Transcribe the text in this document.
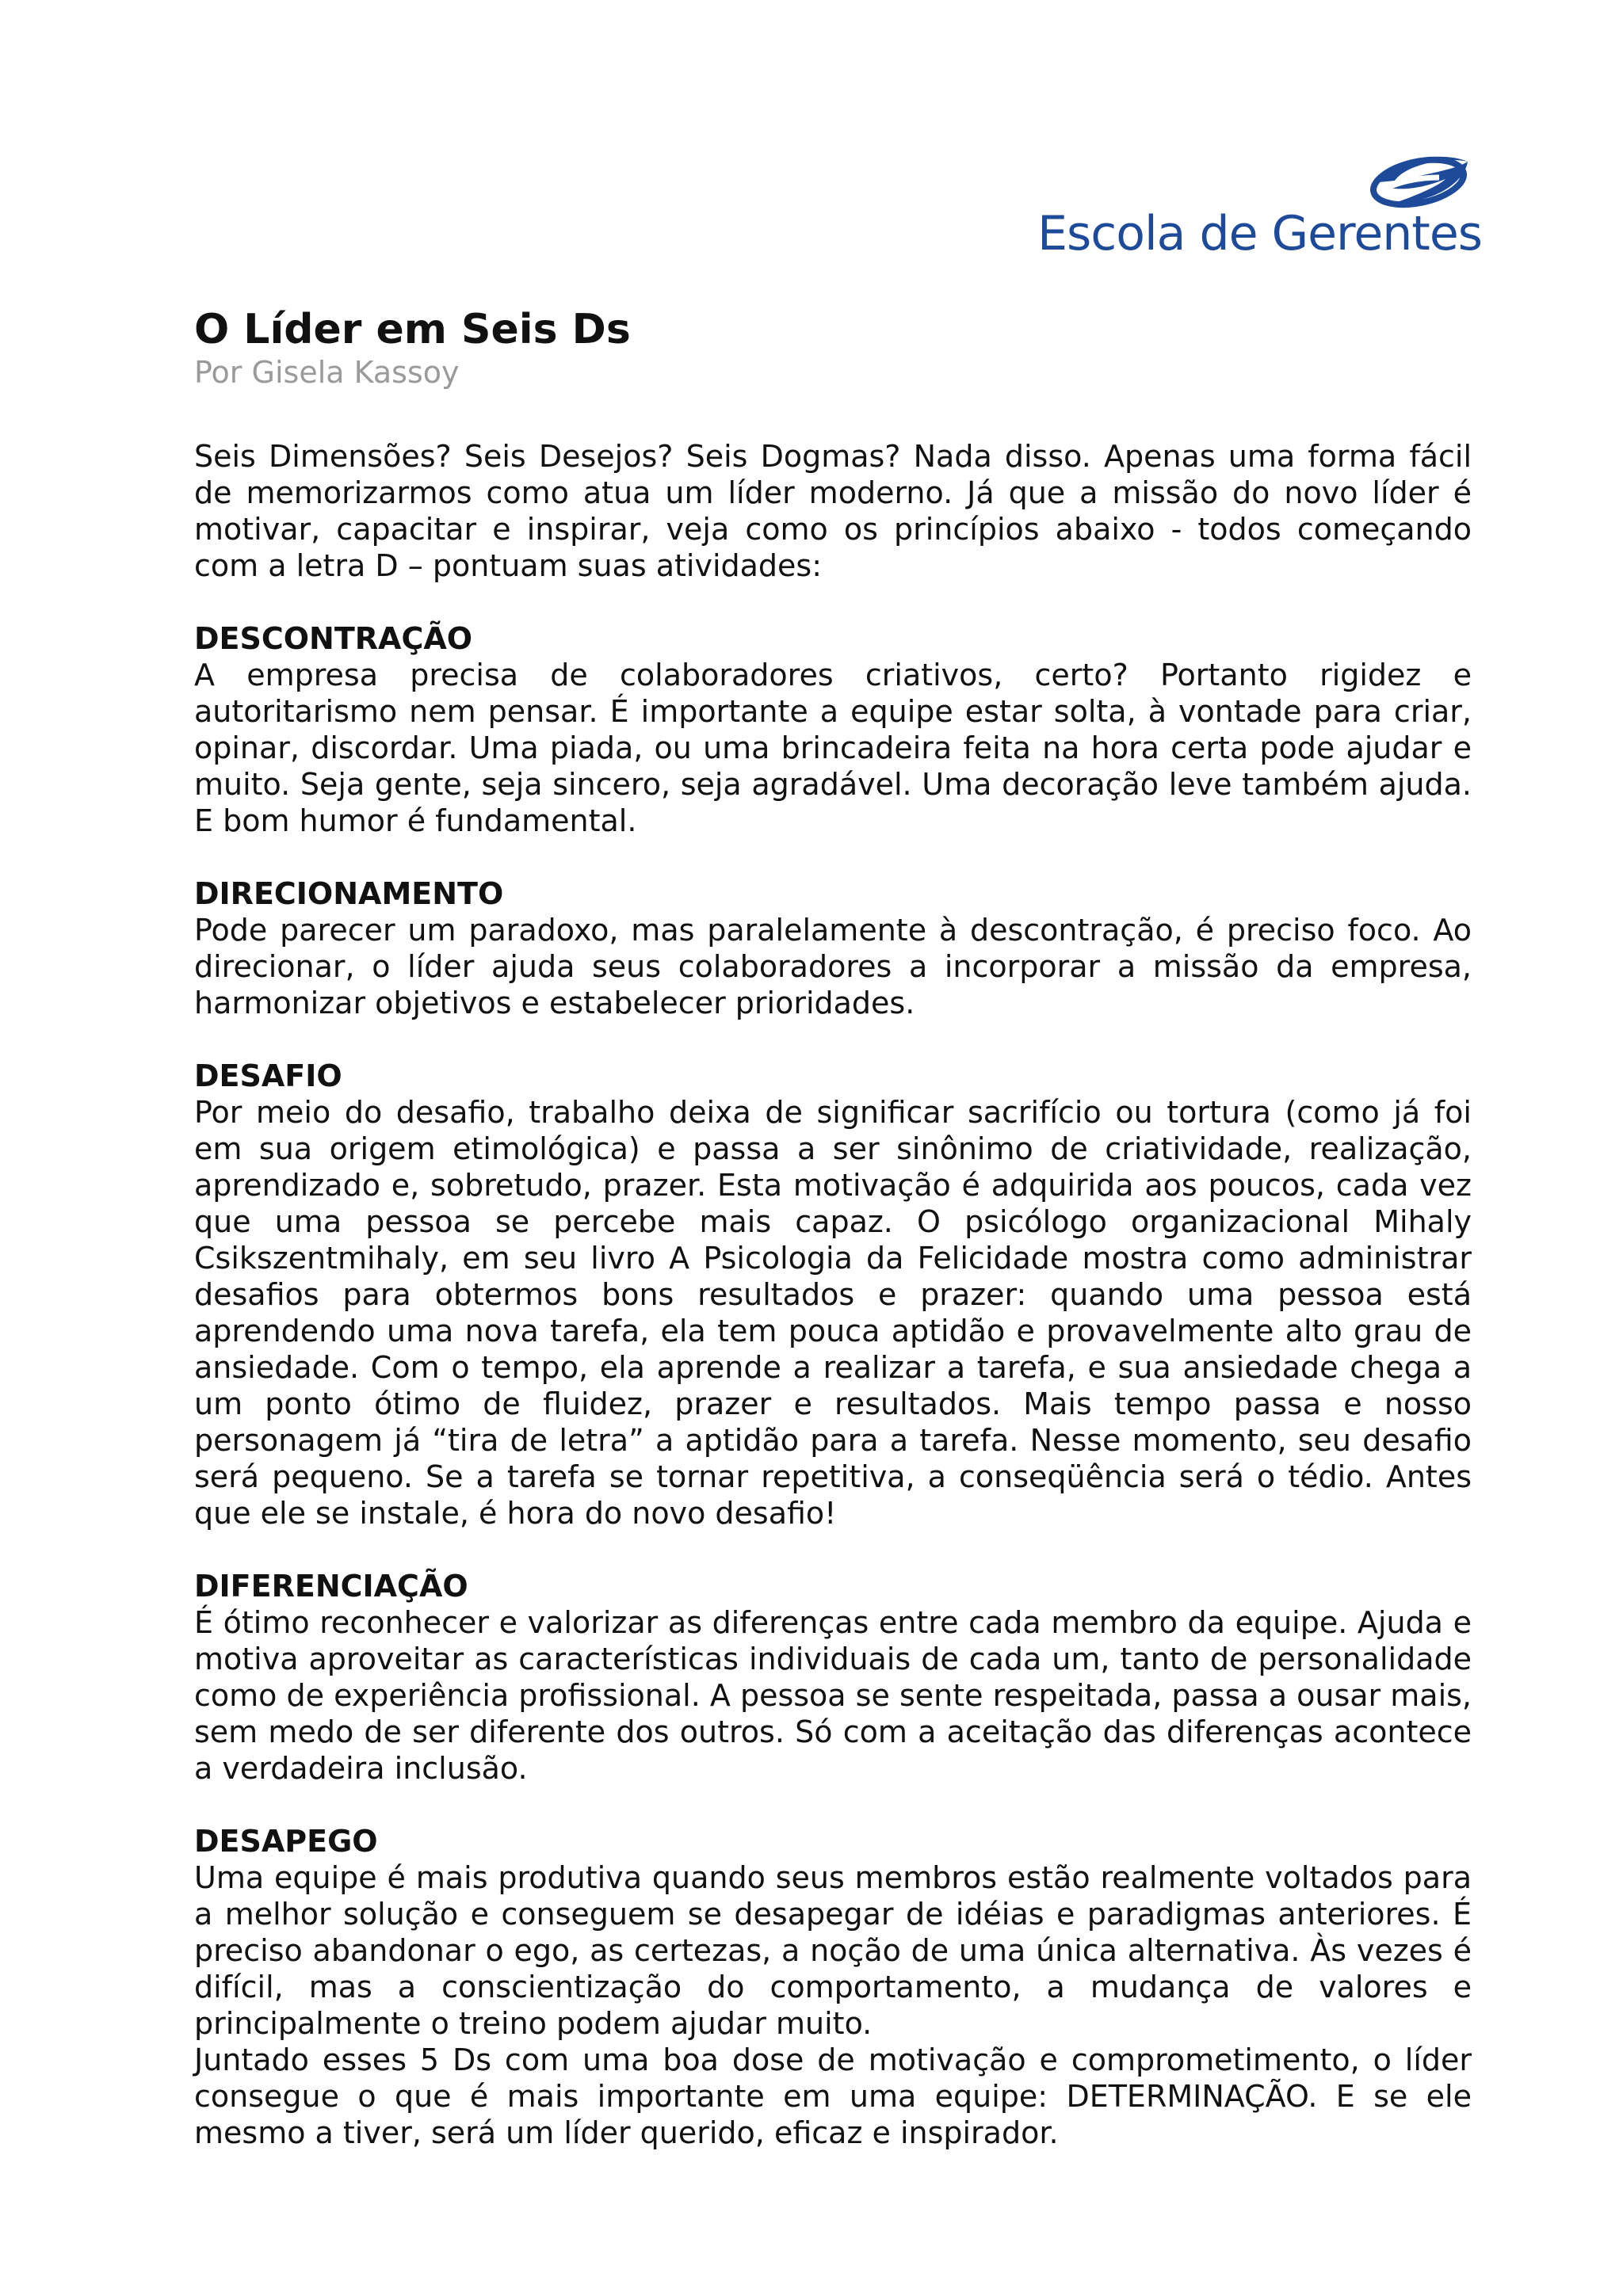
Escola de Gerentes
O Líder em Seis Ds
Por Gisela Kassoy

Seis Dimensões? Seis Desejos? Seis Dogmas? Nada disso. Apenas uma forma fácil de memorizarmos como atua um líder moderno. Já que a missão do novo líder é motivar, capacitar e inspirar, veja como os princípios abaixo - todos começando com a letra D – pontuam suas atividades:

DESCONTRAÇÃO

A empresa precisa de colaboradores criativos, certo? Portanto rigidez e autoritarismo nem pensar. É importante a equipe estar solta, à vontade para criar, opinar, discordar. Uma piada, ou uma brincadeira feita na hora certa pode ajudar e muito. Seja gente, seja sincero, seja agradável. Uma decoração leve também ajuda. E bom humor é fundamental.

DIRECIONAMENTO

Pode parecer um paradoxo, mas paralelamente à descontração, é preciso foco. Ao direcionar, o líder ajuda seus colaboradores a incorporar a missão da empresa, harmonizar objetivos e estabelecer prioridades.

DESAFIO

Por meio do desafio, trabalho deixa de significar sacrifício ou tortura (como já foi em sua origem etimológica) e passa a ser sinônimo de criatividade, realização, aprendizado e, sobretudo, prazer. Esta motivação é adquirida aos poucos, cada vez que uma pessoa se percebe mais capaz. O psicólogo organizacional Mihaly Csikszentmihaly, em seu livro A Psicologia da Felicidade mostra como administrar desafios para obtermos bons resultados e prazer: quando uma pessoa está aprendendo uma nova tarefa, ela tem pouca aptidão e provavelmente alto grau de ansiedade. Com o tempo, ela aprende a realizar a tarefa, e sua ansiedade chega a um ponto ótimo de fluidez, prazer e resultados. Mais tempo passa e nosso personagem já “tira de letra” a aptidão para a tarefa. Nesse momento, seu desafio será pequeno. Se a tarefa se tornar repetitiva, a conseqüência será o tédio. Antes que ele se instale, é hora do novo desafio!

DIFERENCIAÇÃO

É ótimo reconhecer e valorizar as diferenças entre cada membro da equipe. Ajuda e motiva aproveitar as características individuais de cada um, tanto de personalidade como de experiência profissional. A pessoa se sente respeitada, passa a ousar mais, sem medo de ser diferente dos outros. Só com a aceitação das diferenças acontece a verdadeira inclusão.

DESAPEGO

Uma equipe é mais produtiva quando seus membros estão realmente voltados para a melhor solução e conseguem se desapegar de idéias e paradigmas anteriores. É preciso abandonar o ego, as certezas, a noção de uma única alternativa. Às vezes é difícil, mas a conscientização do comportamento, a mudança de valores e principalmente o treino podem ajudar muito.

Juntado esses 5 Ds com uma boa dose de motivação e comprometimento, o líder consegue o que é mais importante em uma equipe: DETERMINAÇÃO. E se ele mesmo a tiver, será um líder querido, eficaz e inspirador.
